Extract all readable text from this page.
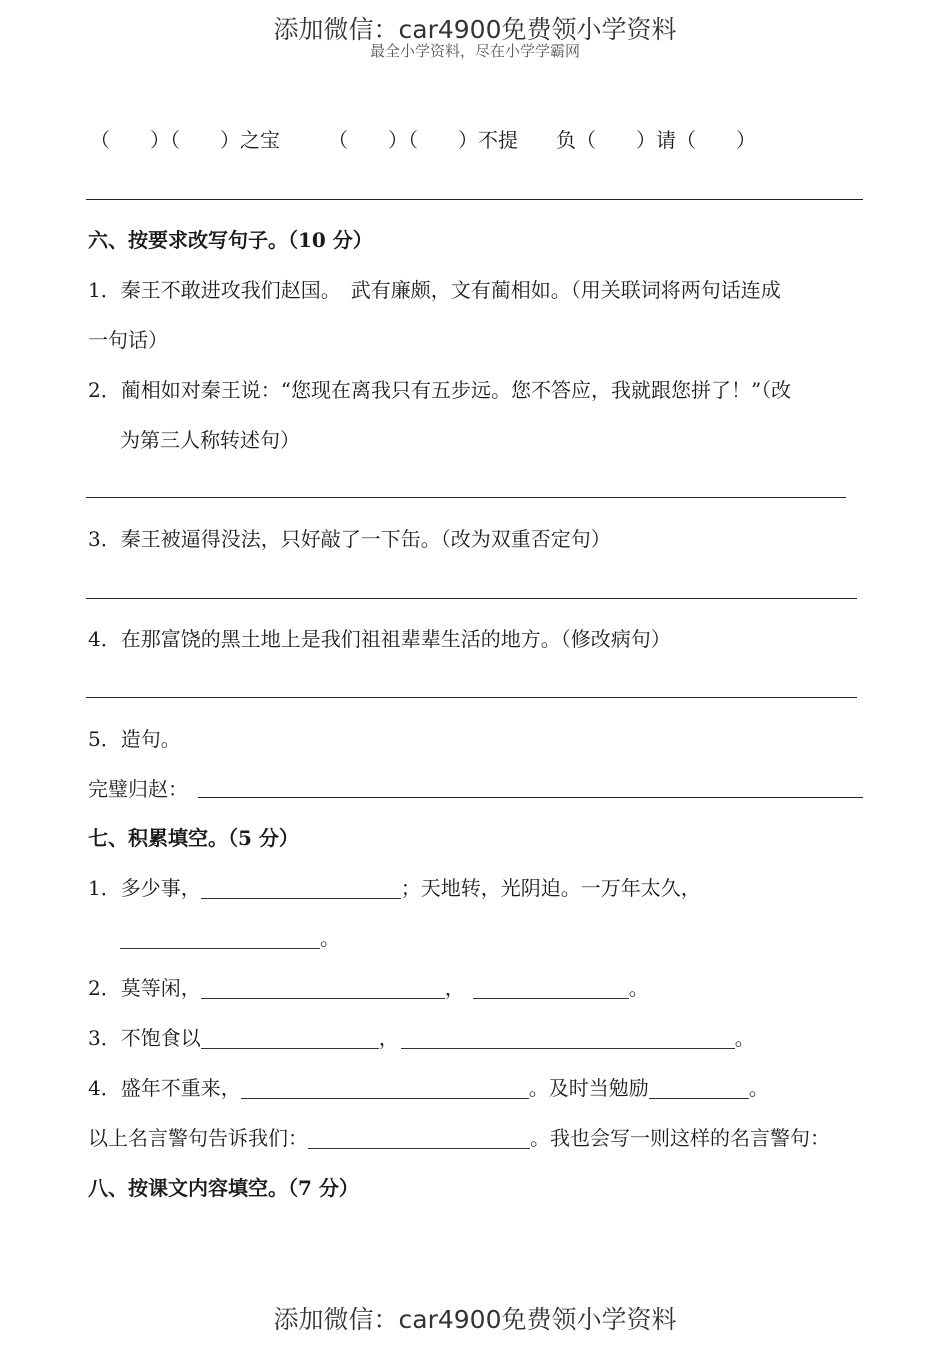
添加微信：car4900免费领小学资料
最全小学资料，尽在小学学霸网
（　　）（　　）之宝 （　　）（　　）不提 负（　　）请（　　）
六、按要求改写句子。（10 分）
1．秦王不敢进攻我们赵国。　武有廉颇，文有蔺相如。（用关联词将两句话连成
一句话）
2．蔺相如对秦王说：“您现在离我只有五步远。您不答应，我就跟您拼了！”（改
为第三人称转述句）
3．秦王被逼得没法，只好敲了一下缶。（改为双重否定句）
4．在那富饶的黑土地上是我们祖祖辈辈生活的地方。（修改病句）
5．造句。
完璧归赵：
七、积累填空。（5 分）
1．多少事，	；天地转，光阴迫。一万年太久，
。
2．莫等闲，	，	。
3．不饱食以	，	。
4．盛年不重来，	。及时当勉励	。
以上名言警句告诉我们：	。我也会写一则这样的名言警句：
八、按课文内容填空。（7 分）
添加微信：car4900免费领小学资料
